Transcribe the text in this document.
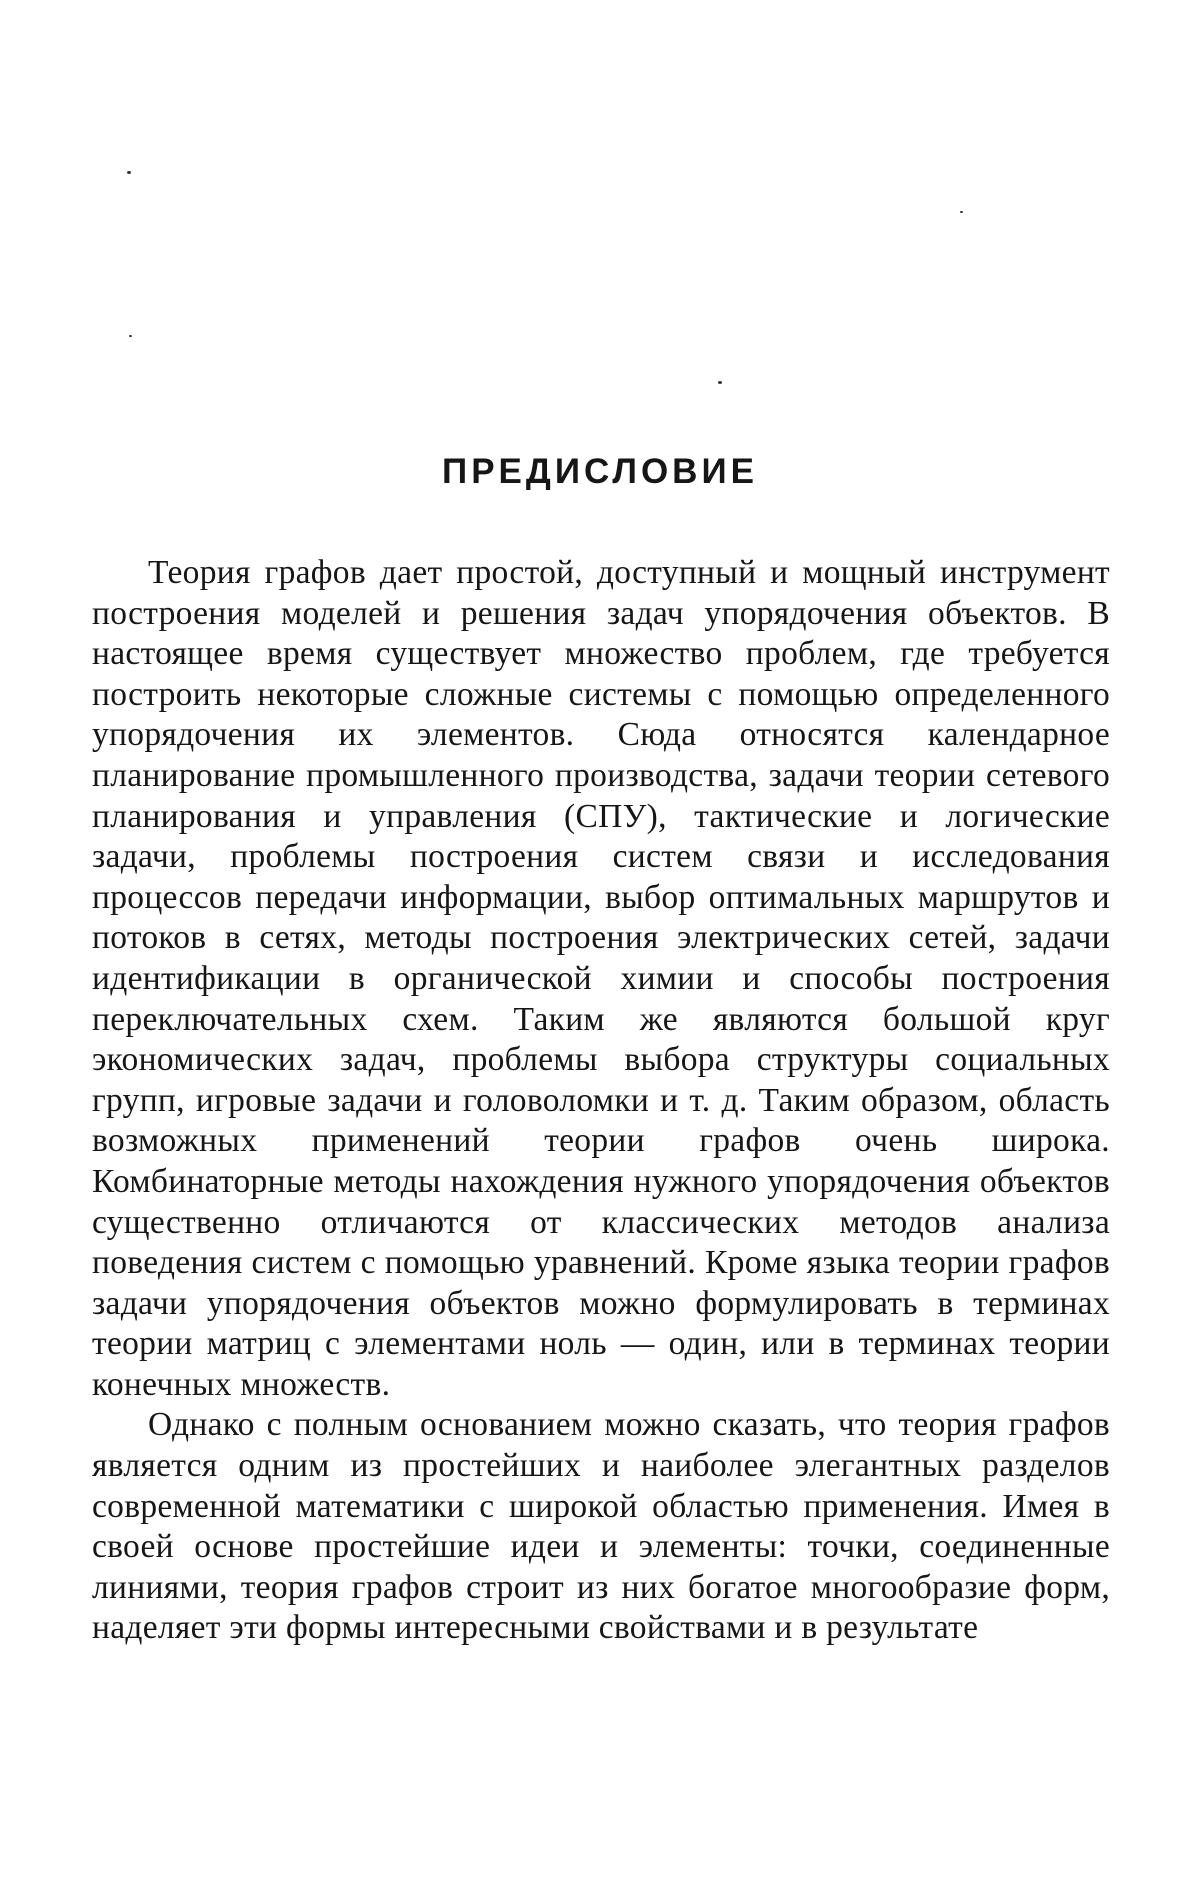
ПРЕДИСЛОВИЕ

Теория графов дает простой, доступный и мощный инструмент построения моделей и решения задач упорядочения объектов. В настоящее время существует множество проблем, где требуется построить некоторые сложные системы с помощью определенного упорядочения их элементов. Сюда относятся календарное планирование промышленного производства, задачи теории сетевого планирования и управления (СПУ), тактические и логические задачи, проблемы построения систем связи и исследования процессов передачи информации, выбор оптимальных маршрутов и потоков в сетях, методы построения электрических сетей, задачи идентификации в органической химии и способы построения переключательных схем. Таким же являются большой круг экономических задач, проблемы выбора структуры социальных групп, игровые задачи и головоломки и т. д. Таким образом, область возможных применений теории графов очень широка. Комбинаторные методы нахождения нужного упорядочения объектов существенно отличаются от классических методов анализа поведения систем с помощью уравнений. Кроме языка теории графов задачи упорядочения объектов можно формулировать в терминах теории матриц с элементами ноль — один, или в терминах теории конечных множеств.

Однако с полным основанием можно сказать, что теория графов является одним из простейших и наиболее элегантных разделов современной математики с широкой областью применения. Имея в своей основе простейшие идеи и элементы: точки, соединенные линиями, теория графов строит из них богатое многообразие форм, наделяет эти формы интересными свойствами и в результате
